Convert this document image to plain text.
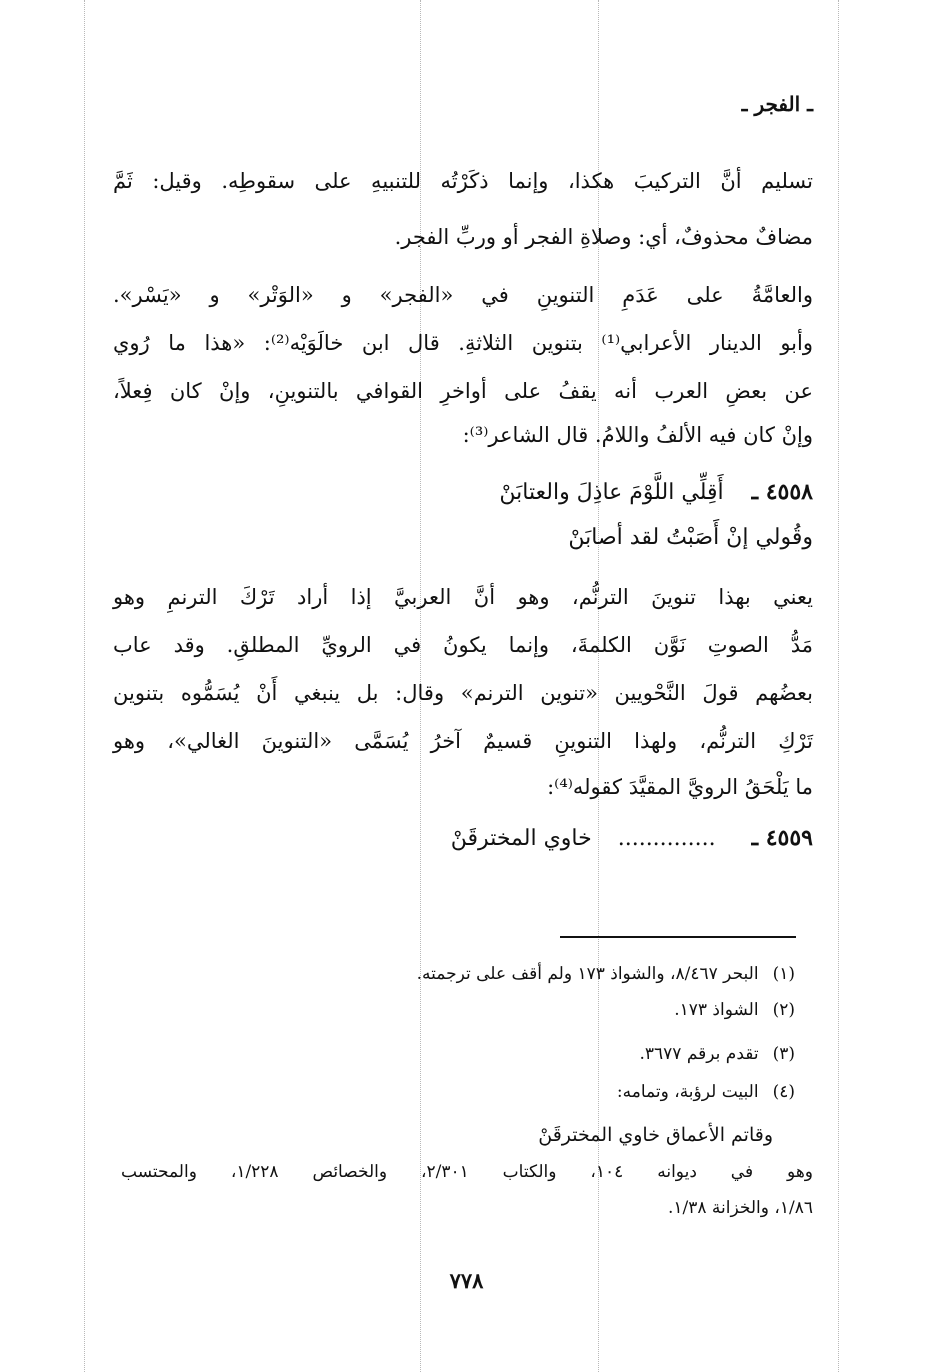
ـ الفجر ـ
تسليم أنَّ التركيبَ هكذا، وإنما ذكَرْتُه للتنبيهِ على سقوطِه. وقيل: ثَمَّ
مضافٌ محذوفٌ، أي: وصلاةِ الفجر أو وربِّ الفجر.
والعامَّةُ على عَدَمِ التنوينِ في «الفجر» و «الوَتْر» و «يَسْر».
وأبو الدينار الأعرابي⁽¹⁾ بتنوين الثلاثةِ. قال ابن خالَوَيْه⁽²⁾: «هذا ما رُوي
عن بعضِ العرب أنه يقفُ على أواخرِ القوافي بالتنوينِ، وإنْ كان فِعلاً،
وإنْ كان فيه الألفُ واللامُ. قال الشاعر⁽³⁾:
٤٥٥٨ ـ  أَقِلِّي اللَّوْمَ عاذِلَ والعتابَنْ
وقُولي إنْ أَصَبْتُ لقد أصابَنْ
يعني بهذا تنوينَ الترنُّم، وهو أنَّ العربيَّ إذا أراد تَرْكَ الترنمِ وهو
مَدُّ الصوتِ نَوَّن الكلمةَ، وإنما يكونُ في الرويِّ المطلقِ. وقد عاب
بعضُهم قولَ النَّحْويين «تنوين الترنم» وقال: بل ينبغي أَنْ يُسَمُّوه بتنوين
تَرْكِ الترنُّم، ولهذا التنوينِ قسيمٌ آخرُ يُسَمَّى «التنوينَ الغالي»، وهو
ما يَلْحَقُ الرويَّ المقيَّدَ كقوله⁽⁴⁾:
٤٥٥٩ ـ  ..............  خاوي المخترقَنْ
(١)البحر ٨/٤٦٧، والشواذ ١٧٣ ولم أقف على ترجمته.
(٢)الشواذ ١٧٣.
(٣)تقدم برقم ٣٦٧٧.
(٤)البيت لرؤبة، وتمامه:
وقاتم الأعماق خاوي المخترقَنْ
وهو في ديوانه ١٠٤، والكتاب ٢/٣٠١، والخصائص ١/٢٢٨، والمحتسب
١/٨٦، والخزانة ١/٣٨.
٧٧٨
